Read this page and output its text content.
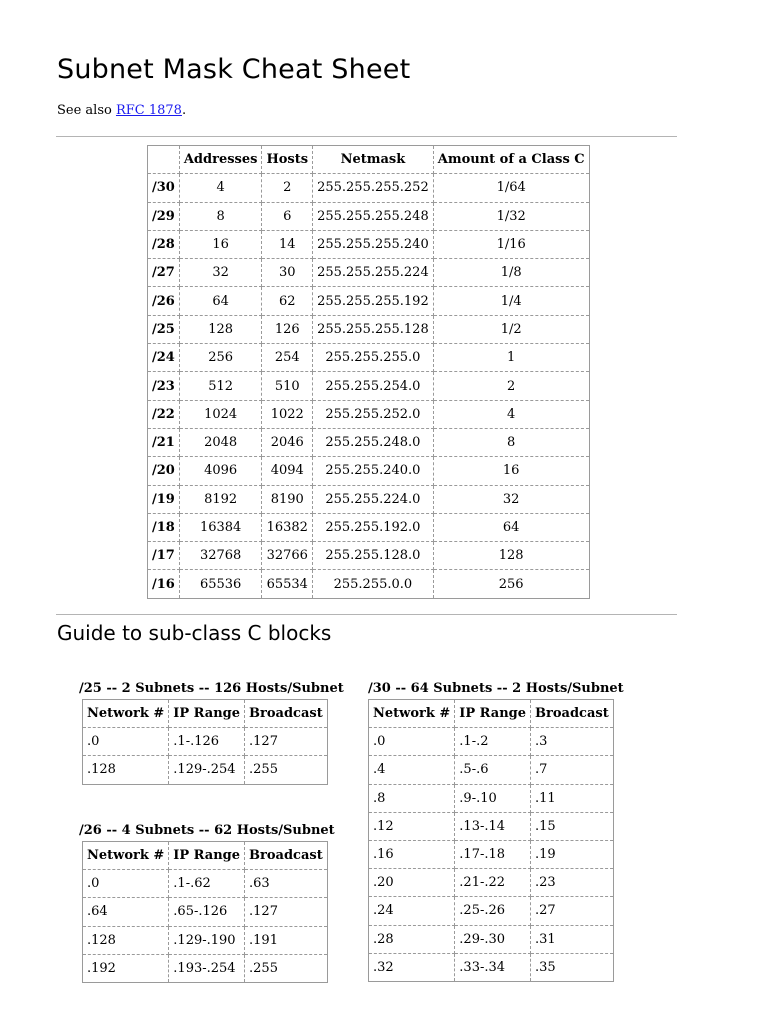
Subnet Mask Cheat Sheet
See also RFC 1878.
	Addresses	Hosts	Netmask	Amount of a Class C
/30	4	2	255.255.255.252	1/64
/29	8	6	255.255.255.248	1/32
/28	16	14	255.255.255.240	1/16
/27	32	30	255.255.255.224	1/8
/26	64	62	255.255.255.192	1/4
/25	128	126	255.255.255.128	1/2
/24	256	254	255.255.255.0	1
/23	512	510	255.255.254.0	2
/22	1024	1022	255.255.252.0	4
/21	2048	2046	255.255.248.0	8
/20	4096	4094	255.255.240.0	16
/19	8192	8190	255.255.224.0	32
/18	16384	16382	255.255.192.0	64
/17	32768	32766	255.255.128.0	128
/16	65536	65534	255.255.0.0	256
Guide to sub-class C blocks
/25 -- 2 Subnets -- 126 Hosts/Subnet
Network #	IP Range	Broadcast
.0	.1-.126	.127
.128	.129-.254	.255
/26 -- 4 Subnets -- 62 Hosts/Subnet
Network #	IP Range	Broadcast
.0	.1-.62	.63
.64	.65-.126	.127
.128	.129-.190	.191
.192	.193-.254	.255
/30 -- 64 Subnets -- 2 Hosts/Subnet
Network #	IP Range	Broadcast
.0	.1-.2	.3
.4	.5-.6	.7
.8	.9-.10	.11
.12	.13-.14	.15
.16	.17-.18	.19
.20	.21-.22	.23
.24	.25-.26	.27
.28	.29-.30	.31
.32	.33-.34	.35
